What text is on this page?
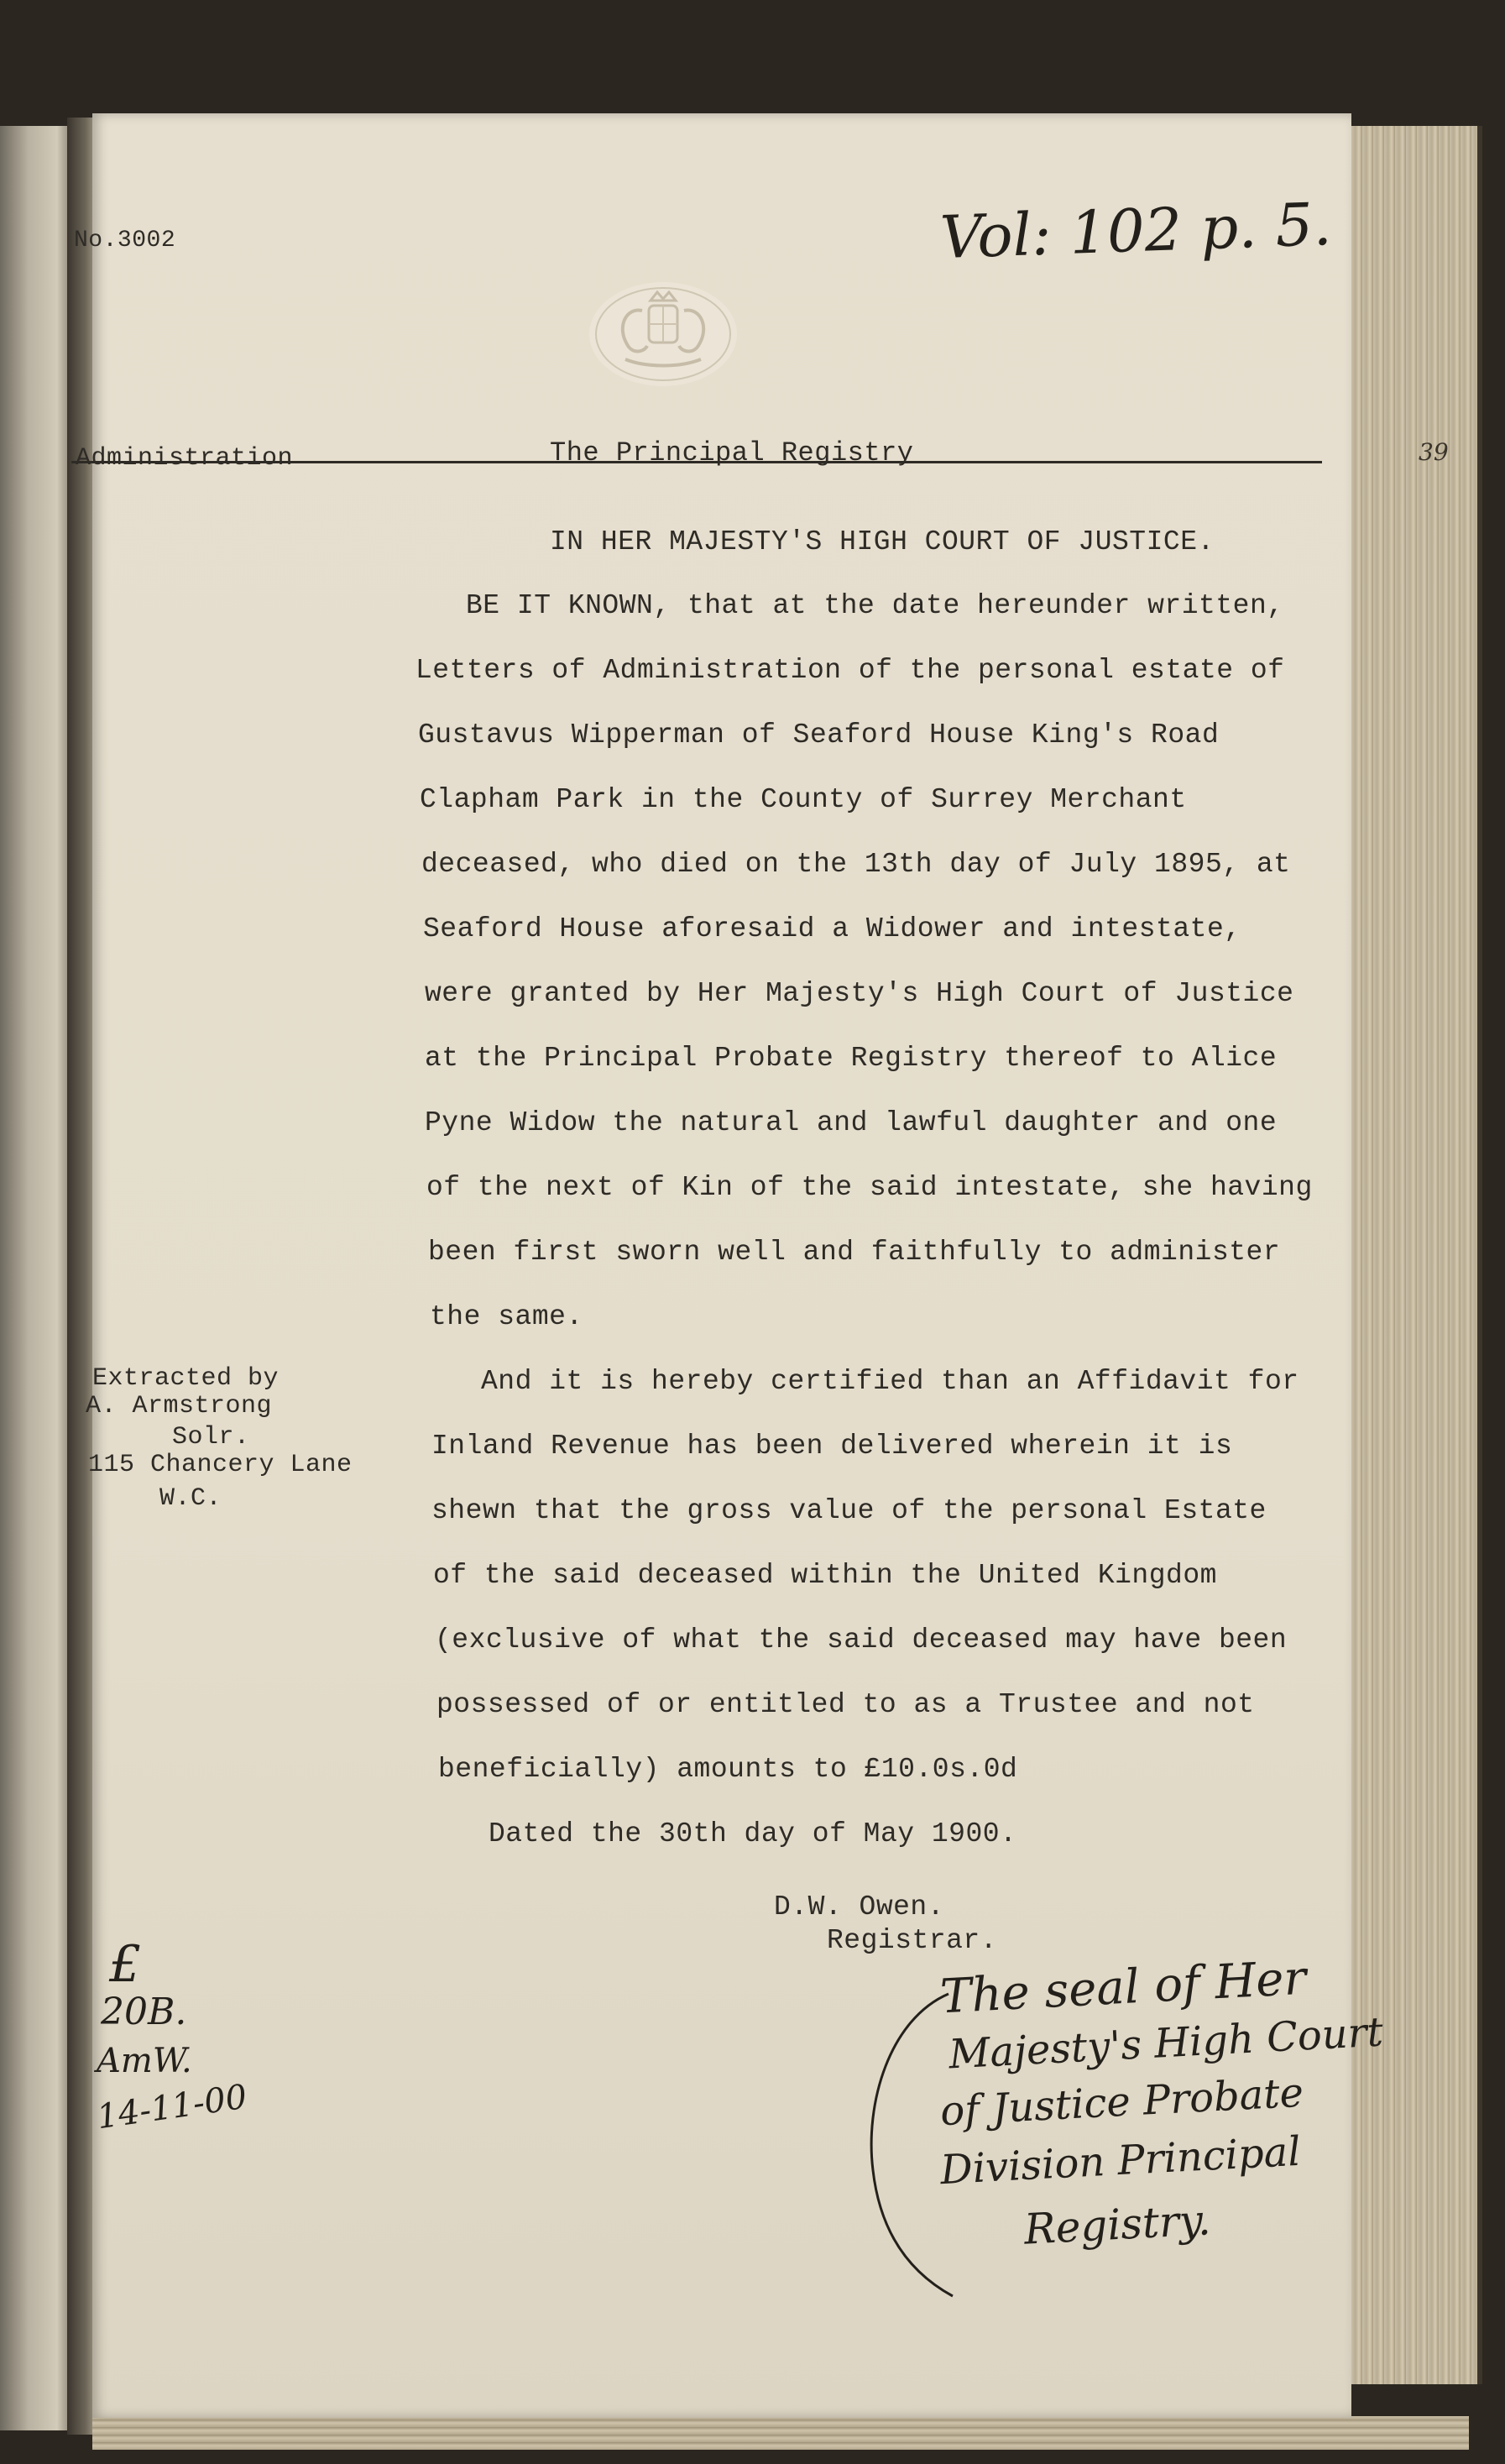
No.3002	Vol: 102 p. 5.
Administration	The Principal Registry
IN HER MAJESTY'S HIGH COURT OF JUSTICE.
BE IT KNOWN, that at the date hereunder written,
Letters of Administration of the personal estate of
Gustavus Wipperman of Seaford House King's Road
Clapham Park in the County of Surrey Merchant
deceased, who died on the 13th day of July 1895, at
Seaford House aforesaid a Widower and intestate,
were granted by Her Majesty's High Court of Justice
at the Principal Probate Registry thereof to Alice
Pyne Widow the natural and lawful daughter and one
of the next of Kin of the said intestate, she having
been first sworn well and faithfully to administer
the same.
And it is hereby certified than an Affidavit for
Inland Revenue has been delivered wherein it is
shewn that the gross value of the personal Estate
of the said deceased within the United Kingdom
(exclusive of what the said deceased may have been
possessed of or entitled to as a Trustee and not
beneficially) amounts to £10.0s.0d
Dated the 30th day of May 1900.
D.W. Owen.
Registrar.
Extracted by
A. Armstrong
Solr.
115 Chancery Lane
W.C.
£
20B.
AmW.
14-11-00
The seal of Her
Majesty's High Court
of Justice Probate
Division Principal
Registry.
39
